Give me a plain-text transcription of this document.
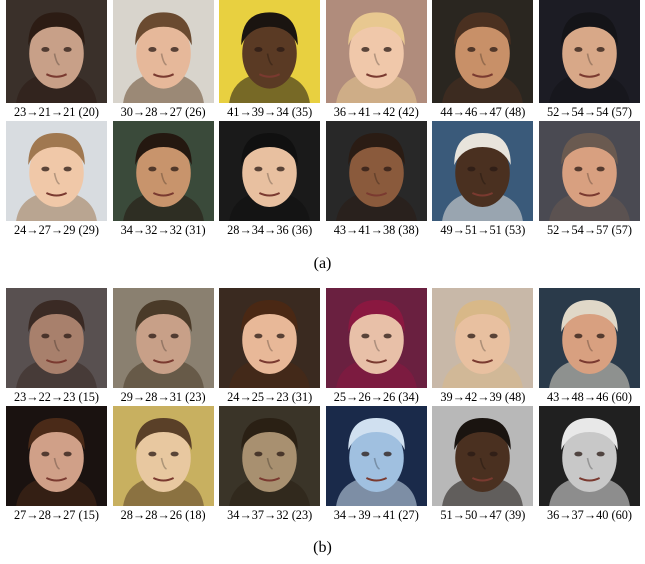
23→21→21 (20)	30→28→27 (26)	41→39→34 (35)	36→41→42 (42)	44→46→47 (48)	52→54→54 (57)
24→27→29 (29)	34→32→32 (31)	28→34→36 (36)	43→41→38 (38)	49→51→51 (53)	52→54→57 (57)
(a)
23→22→23 (15)	29→28→31 (23)	24→25→23 (31)	25→26→26 (34)	39→42→39 (48)	43→48→46 (60)
27→28→27 (15)	28→28→26 (18)	34→37→32 (23)	34→39→41 (27)	51→50→47 (39)	36→37→40 (60)
(b)
